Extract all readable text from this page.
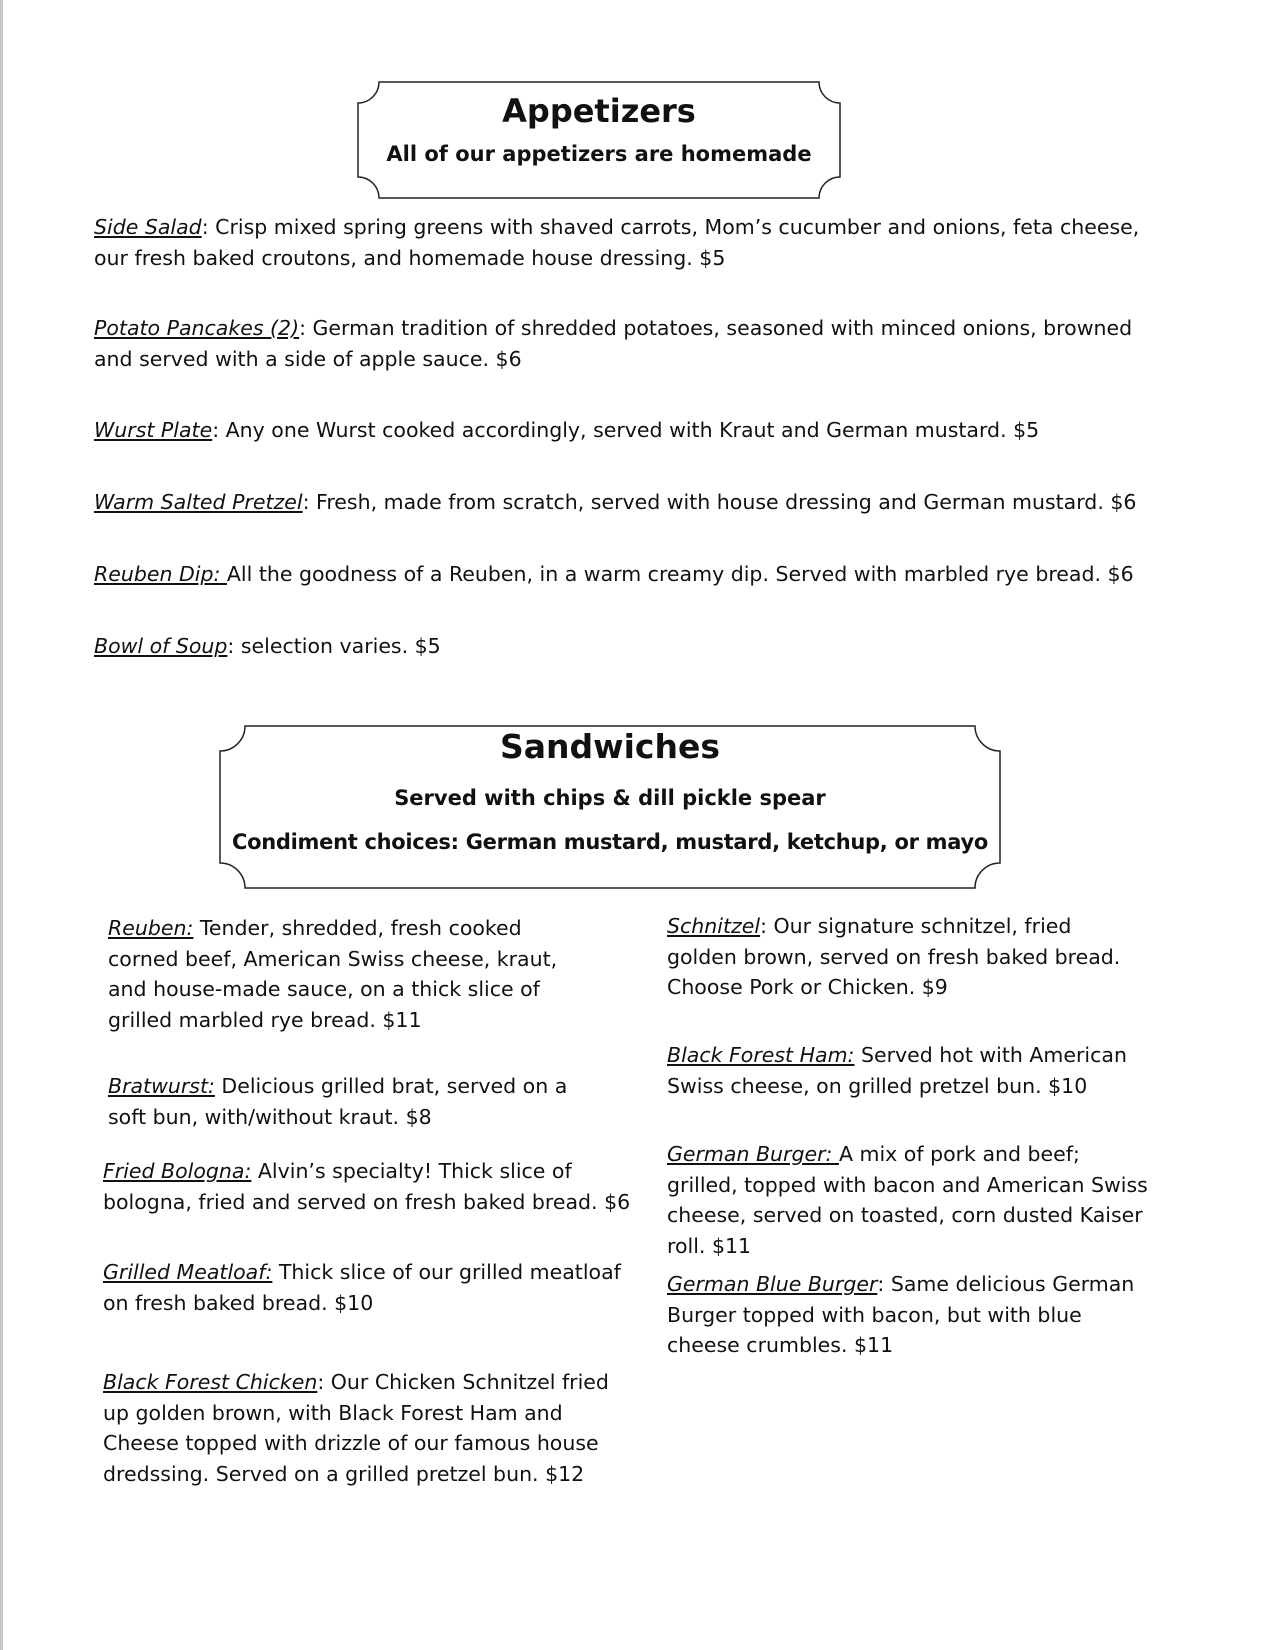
Appetizers
All of our appetizers are homemade
Side Salad: Crisp mixed spring greens with shaved carrots, Mom’s cucumber and onions, feta cheese, our fresh baked croutons, and homemade house dressing. $5
Potato Pancakes (2): German tradition of shredded potatoes, seasoned with minced onions, browned and served with a side of apple sauce. $6
Wurst Plate: Any one Wurst cooked accordingly, served with Kraut and German mustard. $5
Warm Salted Pretzel: Fresh, made from scratch, served with house dressing and German mustard. $6
Reuben Dip: All the goodness of a Reuben, in a warm creamy dip. Served with marbled rye bread. $6
Bowl of Soup: selection varies. $5
Sandwiches
Served with chips & dill pickle spear
Condiment choices: German mustard, mustard, ketchup, or mayo
Reuben: Tender, shredded, fresh cooked corned beef, American Swiss cheese, kraut, and house-made sauce, on a thick slice of grilled marbled rye bread. $11
Bratwurst: Delicious grilled brat, served on a soft bun, with/without kraut. $8
Fried Bologna: Alvin’s specialty! Thick slice of bologna, fried and served on fresh baked bread. $6
Grilled Meatloaf: Thick slice of our grilled meatloaf on fresh baked bread. $10
Black Forest Chicken: Our Chicken Schnitzel fried up golden brown, with Black Forest Ham and Cheese topped with drizzle of our famous house dredssing. Served on a grilled pretzel bun. $12
Schnitzel: Our signature schnitzel, fried golden brown, served on fresh baked bread. Choose Pork or Chicken. $9
Black Forest Ham: Served hot with American Swiss cheese, on grilled pretzel bun. $10
German Burger: A mix of pork and beef; grilled, topped with bacon and American Swiss cheese, served on toasted, corn dusted Kaiser roll. $11
German Blue Burger: Same delicious German Burger topped with bacon, but with blue cheese crumbles. $11
